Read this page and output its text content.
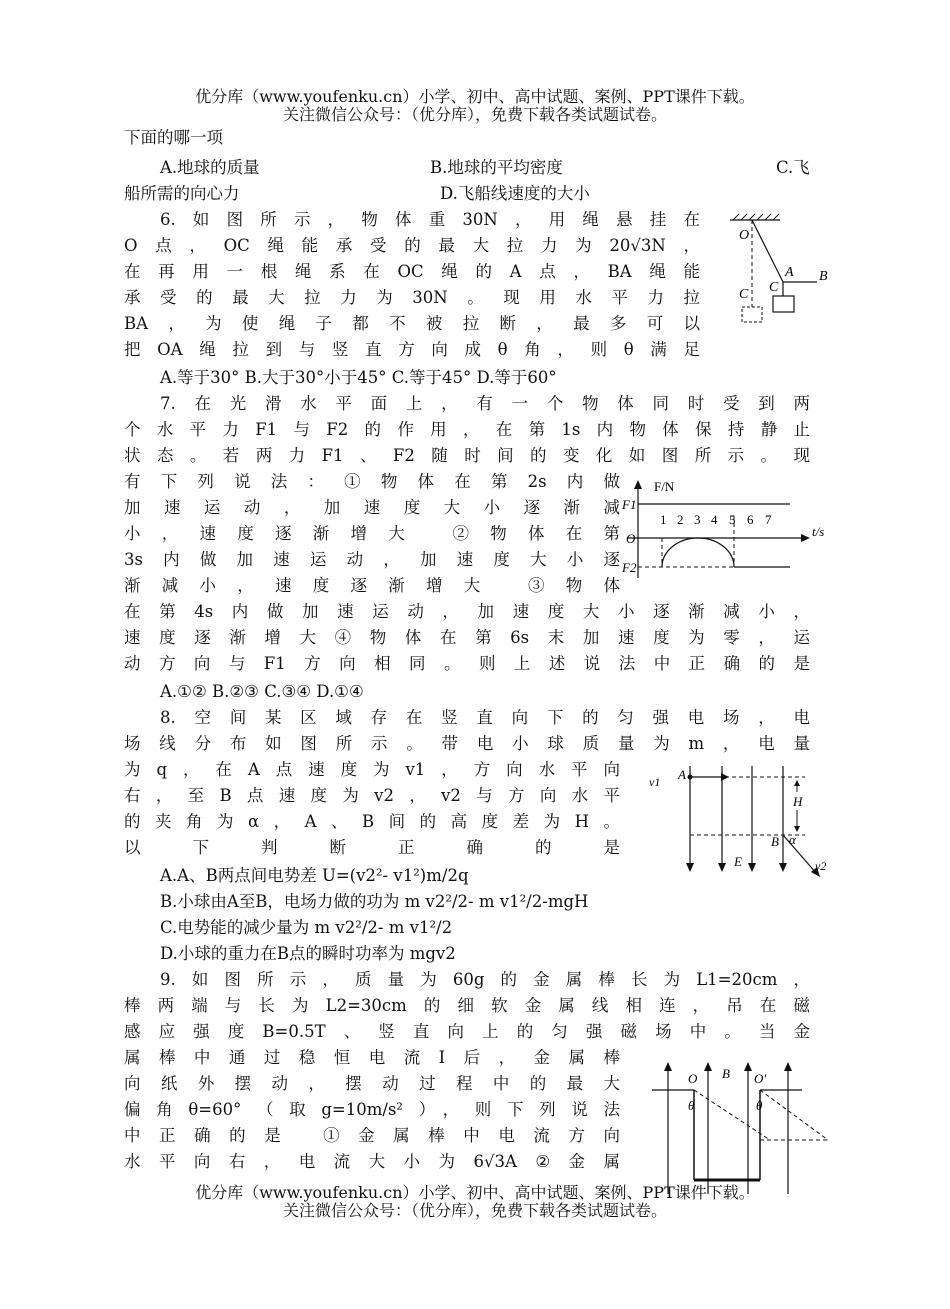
优分库（www.youfenku.cn）小学、初中、高中试题、案例、PPT课件下载。
关注微信公众号：（优分库），免费下载各类试题试卷。
下面的哪一项
A.地球的质量	B.地球的平均密度	C.飞
船所需的向心力	D.飞船线速度的大小
6.如图所示，物体重30N，用绳悬挂在
O点，OC绳能承受的最大拉力为20√3N，
在再用一根绳系在OC绳的A点，BA绳能
承受的最大拉力为30N。现用水平力拉
BA，为使绳子都不被拉断，最多可以
把OA绳拉到与竖直方向成θ角，则θ满足
A.等于30° B.大于30°小于45° C.等于45° D.等于60°
O
A B
C
C
7.在光滑水平面上，有一个物体同时受到两
个水平力F1与F2的作用，在第1s内物体保持静止
状态。若两力F1、F2随时间的变化如图所示。现
有下列说法：①物体在第2s内做
加速运动，加速度大小逐渐减
小，速度逐渐增大 ②物体在第
3s内做加速运动，加速度大小逐
渐减小，速度逐渐增大 ③物体
在第4s内做加速运动，加速度大小逐渐减小，
速度逐渐增大④物体在第6s末加速度为零，运
动方向与F1方向相同。则上述说法中正确的是
A.①② B.②③ C.③④ D.①④
F/N
t/s
O
F1
F2
1 2 3 4 5 6 7
8.空间某区域存在竖直向下的匀强电场，电
场线分布如图所示。带电小球质量为m，电量
为q，在A点速度为v1，方向水平向
右，至B点速度为v2，v2与方向水平
的夹角为α，A、B间的高度差为H。
以下判断正确的是
A.A、B两点间电势差 U=(v2²- v1²)m/2q
B.小球由A至B，电场力做的功为 m v2²/2- m v1²/2-mgH
C.电势能的减少量为 m v2²/2- m v1²/2
D.小球的重力在B点的瞬时功率为 mgv2
v1 A
H
E
B α
v2
9.如图所示，质量为60g的金属棒长为L1=20cm，
棒两端与长为L2=30cm的细软金属线相连，吊在磁
感应强度B=0.5T、竖直向上的匀强磁场中。当金
属棒中通过稳恒电流I后，金属棒
向纸外摆动，摆动过程中的最大
偏角θ=60°（取g=10m/s²），则下列说法
中正确的是 ①金属棒中电流方向
水平向右，电流大小为6√3A②金属
O B O′
θ	θ
优分库（www.youfenku.cn）小学、初中、高中试题、案例、PPT课件下载。
关注微信公众号：（优分库），免费下载各类试题试卷。
